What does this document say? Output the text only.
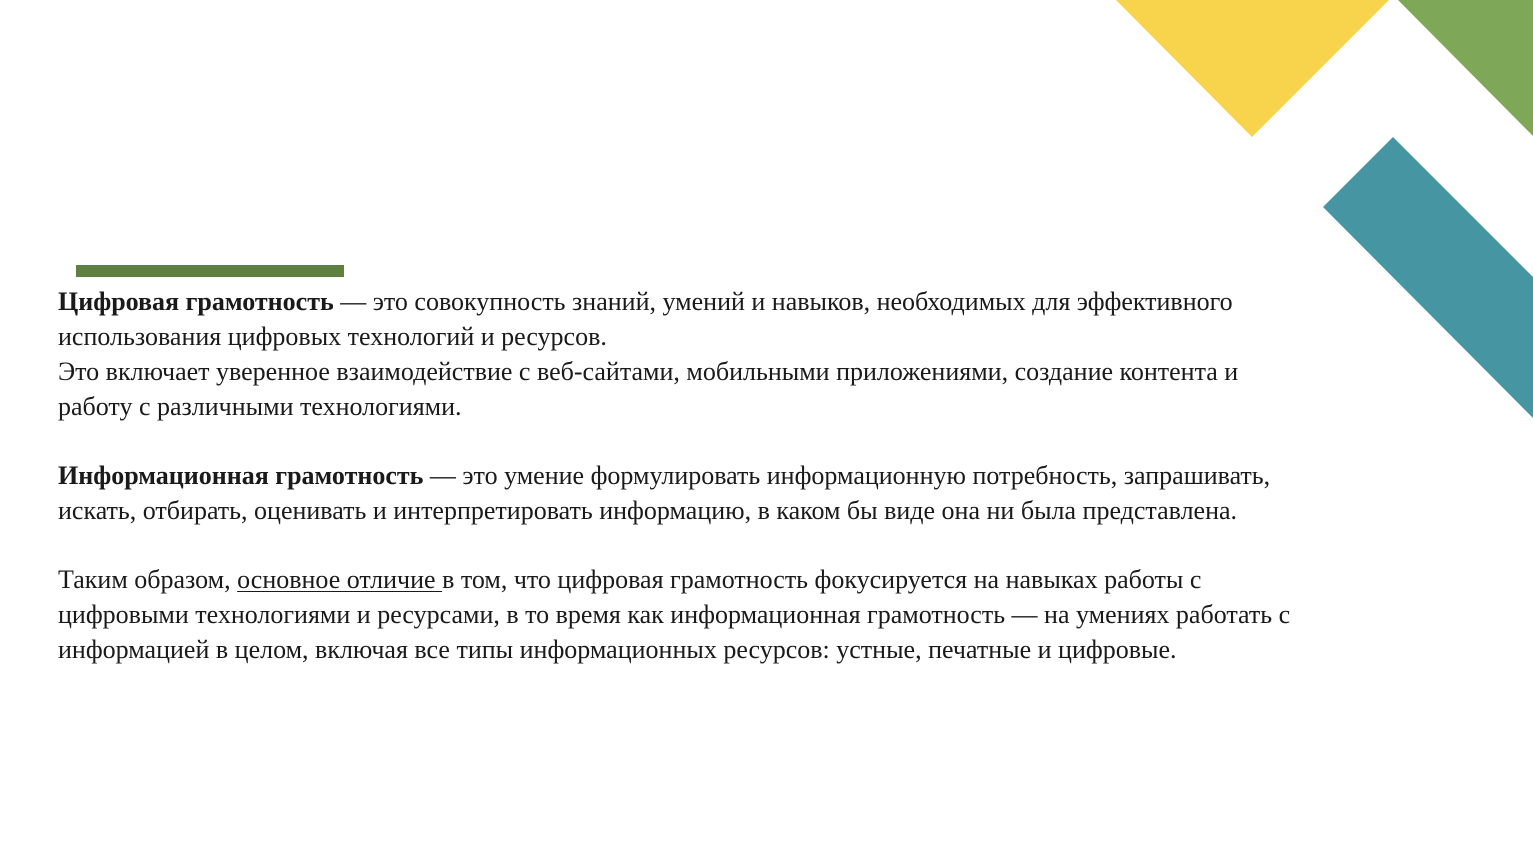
Цифровая грамотность — это совокупность знаний, умений и навыков, необходимых для эффективного
использования цифровых технологий и ресурсов.
Это включает уверенное взаимодействие с веб-сайтами, мобильными приложениями, создание контента и
работу с различными технологиями.

Информационная грамотность — это умение формулировать информационную потребность, запрашивать,
искать, отбирать, оценивать и интерпретировать информацию, в каком бы виде она ни была представлена.

Таким образом, основное отличие в том, что цифровая грамотность фокусируется на навыках работы с
цифровыми технологиями и ресурсами, в то время как информационная грамотность — на умениях работать с
информацией в целом, включая все типы информационных ресурсов: устные, печатные и цифровые.
